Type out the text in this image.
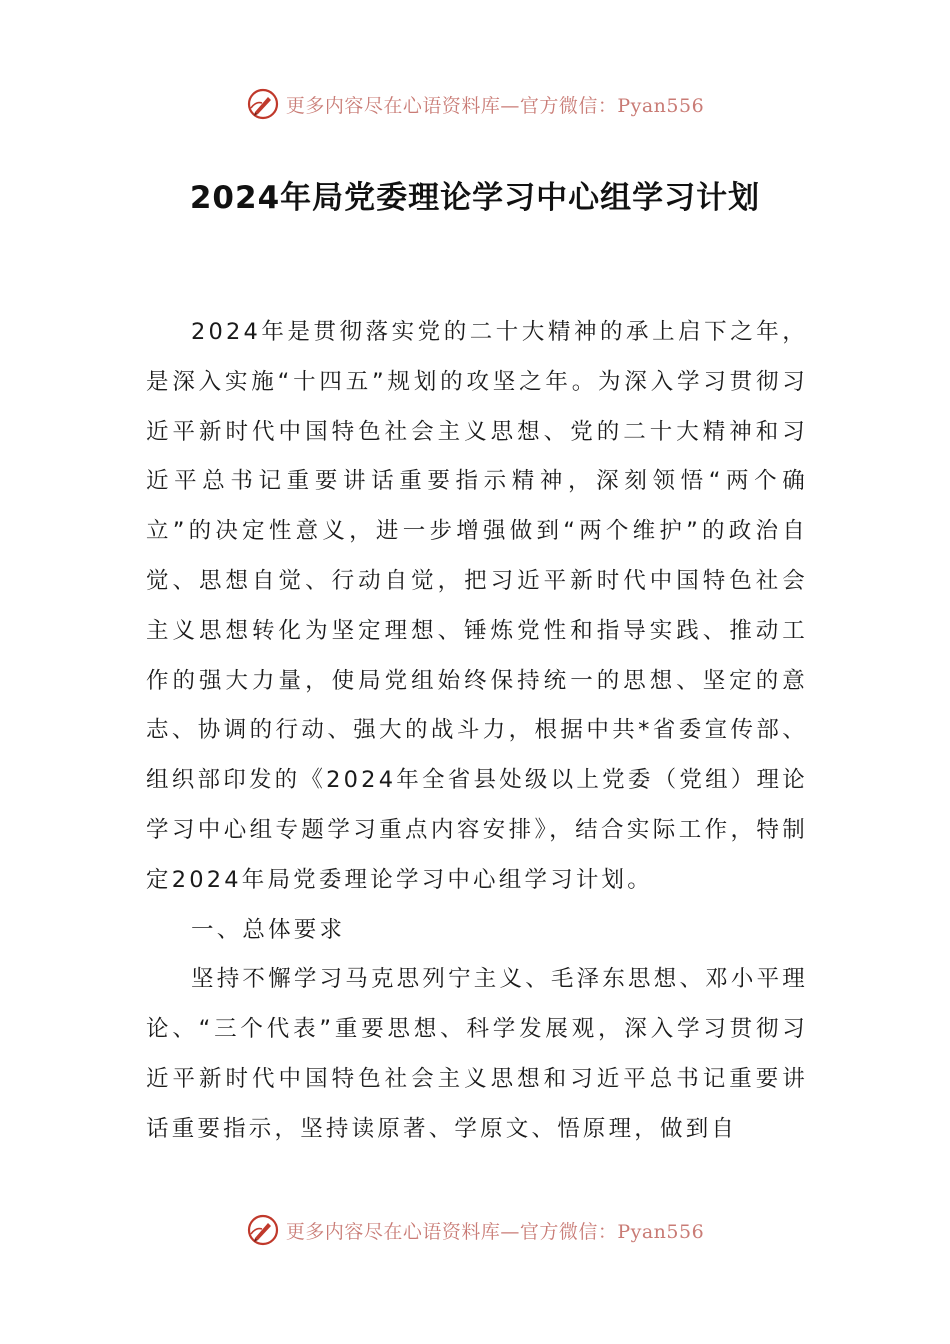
更多内容尽在心语资料库—官方微信：Pyan556
2024年局党委理论学习中心组学习计划

2024年是贯彻落实党的二十大精神的承上启下之年，是深入实施“十四五”规划的攻坚之年。为深入学习贯彻习近平新时代中国特色社会主义思想、党的二十大精神和习近平总书记重要讲话重要指示精神，深刻领悟“两个确立”的决定性意义，进一步增强做到“两个维护”的政治自觉、思想自觉、行动自觉，把习近平新时代中国特色社会主义思想转化为坚定理想、锤炼党性和指导实践、推动工作的强大力量，使局党组始终保持统一的思想、坚定的意志、协调的行动、强大的战斗力，根据中共*省委宣传部、组织部印发的《2024年全省县处级以上党委（党组）理论学习中心组专题学习重点内容安排》，结合实际工作，特制定2024年局党委理论学习中心组学习计划。

一、总体要求

坚持不懈学习马克思列宁主义、毛泽东思想、邓小平理论、“三个代表”重要思想、科学发展观，深入学习贯彻习近平新时代中国特色社会主义思想和习近平总书记重要讲话重要指示，坚持读原著、学原文、悟原理，做到自

更多内容尽在心语资料库—官方微信：Pyan556
